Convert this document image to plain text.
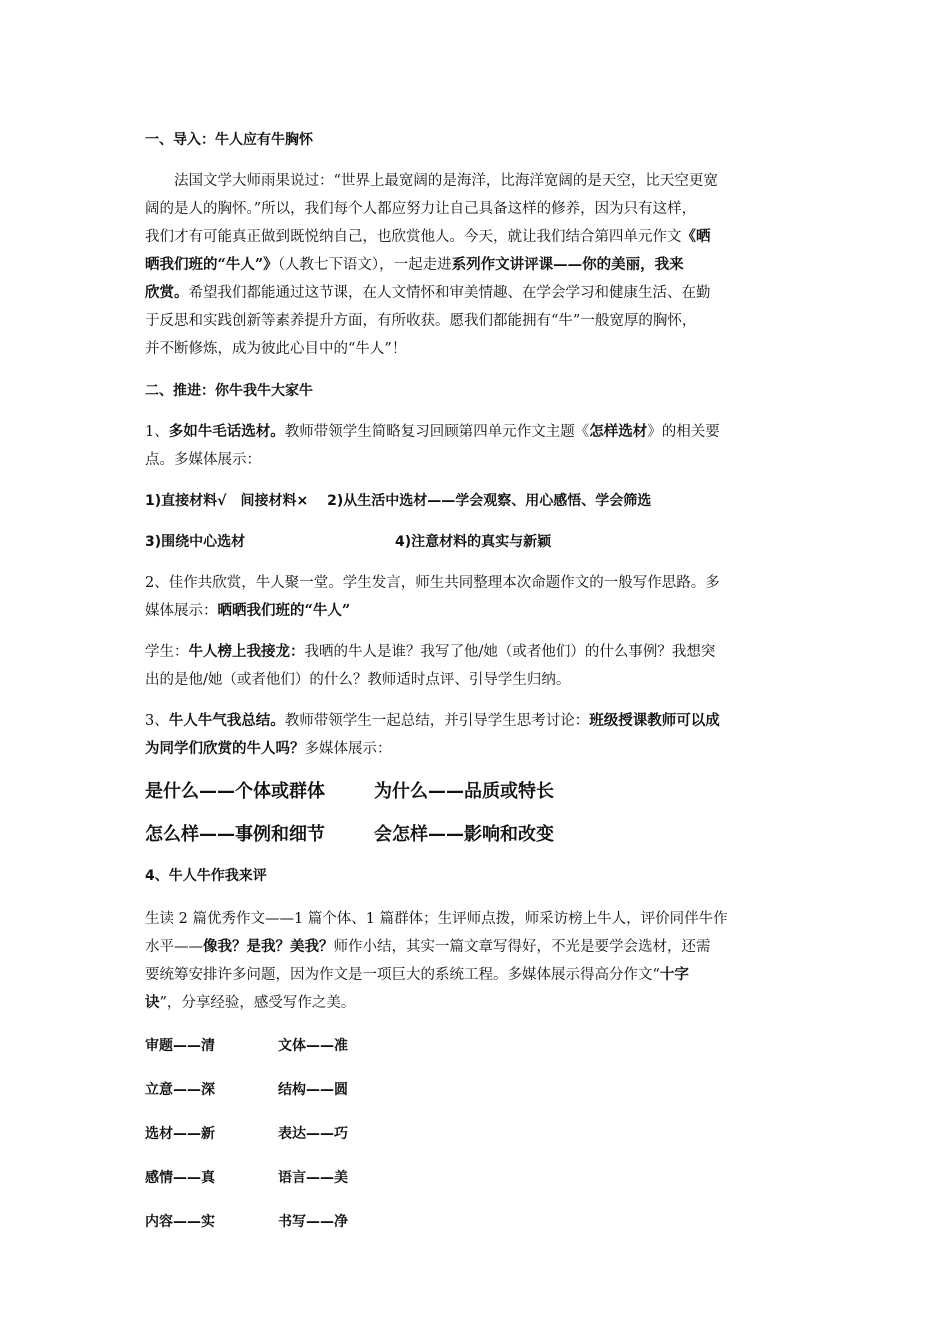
一、导入：牛人应有牛胸怀

法国文学大师雨果说过：“世界上最宽阔的是海洋，比海洋宽阔的是天空，比天空更宽

阔的是人的胸怀。”所以，我们每个人都应努力让自己具备这样的修养，因为只有这样，

我们才有可能真正做到既悦纳自己，也欣赏他人。今天，就让我们结合第四单元作文《晒

晒我们班的“牛人”》（人教七下语文），一起走进系列作文讲评课——你的美丽，我来

欣赏。希望我们都能通过这节课，在人文情怀和审美情趣、在学会学习和健康生活、在勤

于反思和实践创新等素养提升方面，有所收获。愿我们都能拥有“牛”一般宽厚的胸怀，

并不断修炼，成为彼此心目中的“牛人”！

二、推进：你牛我牛大家牛

1、多如牛毛话选材。教师带领学生简略复习回顾第四单元作文主题《怎样选材》的相关要

点。多媒体展示：

1)直接材料√　间接材料×　 2)从生活中选材——学会观察、用心感悟、学会筛选

3)围绕中心选材	4)注意材料的真实与新颖

2、佳作共欣赏，牛人聚一堂。学生发言，师生共同整理本次命题作文的一般写作思路。多

媒体展示：晒晒我们班的“牛人”

学生：牛人榜上我接龙：我晒的牛人是谁？我写了他/她（或者他们）的什么事例？我想突

出的是他/她（或者他们）的什么？教师适时点评、引导学生归纳。

3、牛人牛气我总结。教师带领学生一起总结，并引导学生思考讨论：班级授课教师可以成

为同学们欣赏的牛人吗？多媒体展示：

是什么——个体或群体	为什么——品质或特长

怎么样——事例和细节	会怎样——影响和改变

4、牛人牛作我来评

生读 2 篇优秀作文——1 篇个体、1 篇群体；生评师点拨，师采访榜上牛人，评价同伴牛作

水平——像我？是我？美我？师作小结，其实一篇文章写得好，不光是要学会选材，还需

要统筹安排许多问题，因为作文是一项巨大的系统工程。多媒体展示得高分作文“十字

诀”，分享经验，感受写作之美。

审题——清	文体——准

立意——深	结构——圆

选材——新	表达——巧

感情——真	语言——美

内容——实	书写——净
